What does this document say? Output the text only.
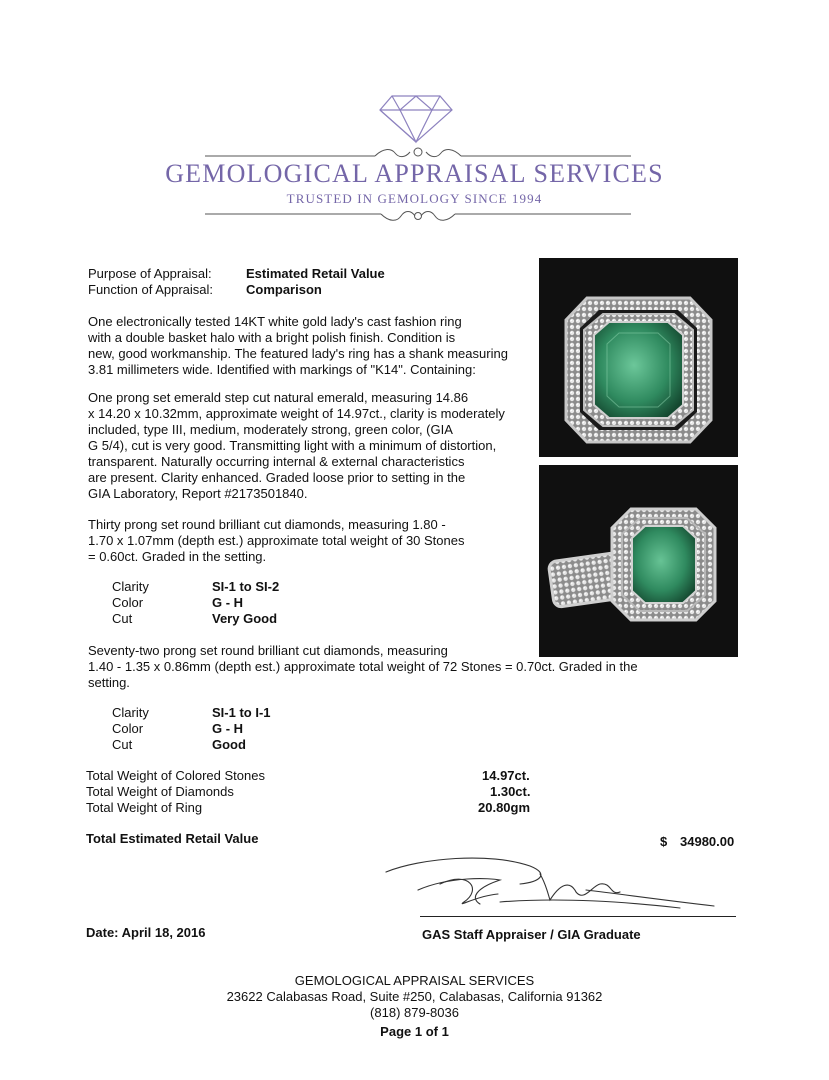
GEMOLOGICAL APPRAISAL SERVICES
TRUSTED IN GEMOLOGY SINCE 1994
Purpose of Appraisal:	Estimated Retail Value
Function of Appraisal:	Comparison
One electronically tested 14KT white gold lady's cast fashion ring
with a double basket halo with a bright polish finish. Condition is
new, good workmanship. The featured lady's ring has a shank measuring
3.81 millimeters wide. Identified with markings of "K14". Containing:
One prong set emerald step cut natural emerald, measuring 14.86
x 14.20 x 10.32mm, approximate weight of 14.97ct., clarity is moderately
included, type III, medium, moderately strong, green color, (GIA
G 5/4), cut is very good. Transmitting light with a minimum of distortion,
transparent. Naturally occurring internal & external characteristics
are present. Clarity enhanced. Graded loose prior to setting in the
GIA Laboratory, Report #2173501840.
Thirty prong set round brilliant cut diamonds, measuring 1.80 -
1.70 x 1.07mm (depth est.) approximate total weight of 30 Stones
= 0.60ct. Graded in the setting.
Clarity	SI-1 to SI-2
Color	G - H
Cut	Very Good
Seventy-two prong set round brilliant cut diamonds, measuring
1.40 - 1.35 x 0.86mm (depth est.) approximate total weight of 72 Stones = 0.70ct. Graded in the
setting.
Clarity	SI-1 to I-1
Color	G - H
Cut	Good
Total Weight of Colored Stones	14.97ct.
Total Weight of Diamonds	1.30ct.
Total Weight of Ring	20.80gm
Total Estimated Retail Value	$ 34980.00
Date: April 18, 2016	GAS Staff Appraiser / GIA Graduate
GEMOLOGICAL APPRAISAL SERVICES
23622 Calabasas Road, Suite #250, Calabasas, California 91362
(818) 879-8036
Page 1 of 1
